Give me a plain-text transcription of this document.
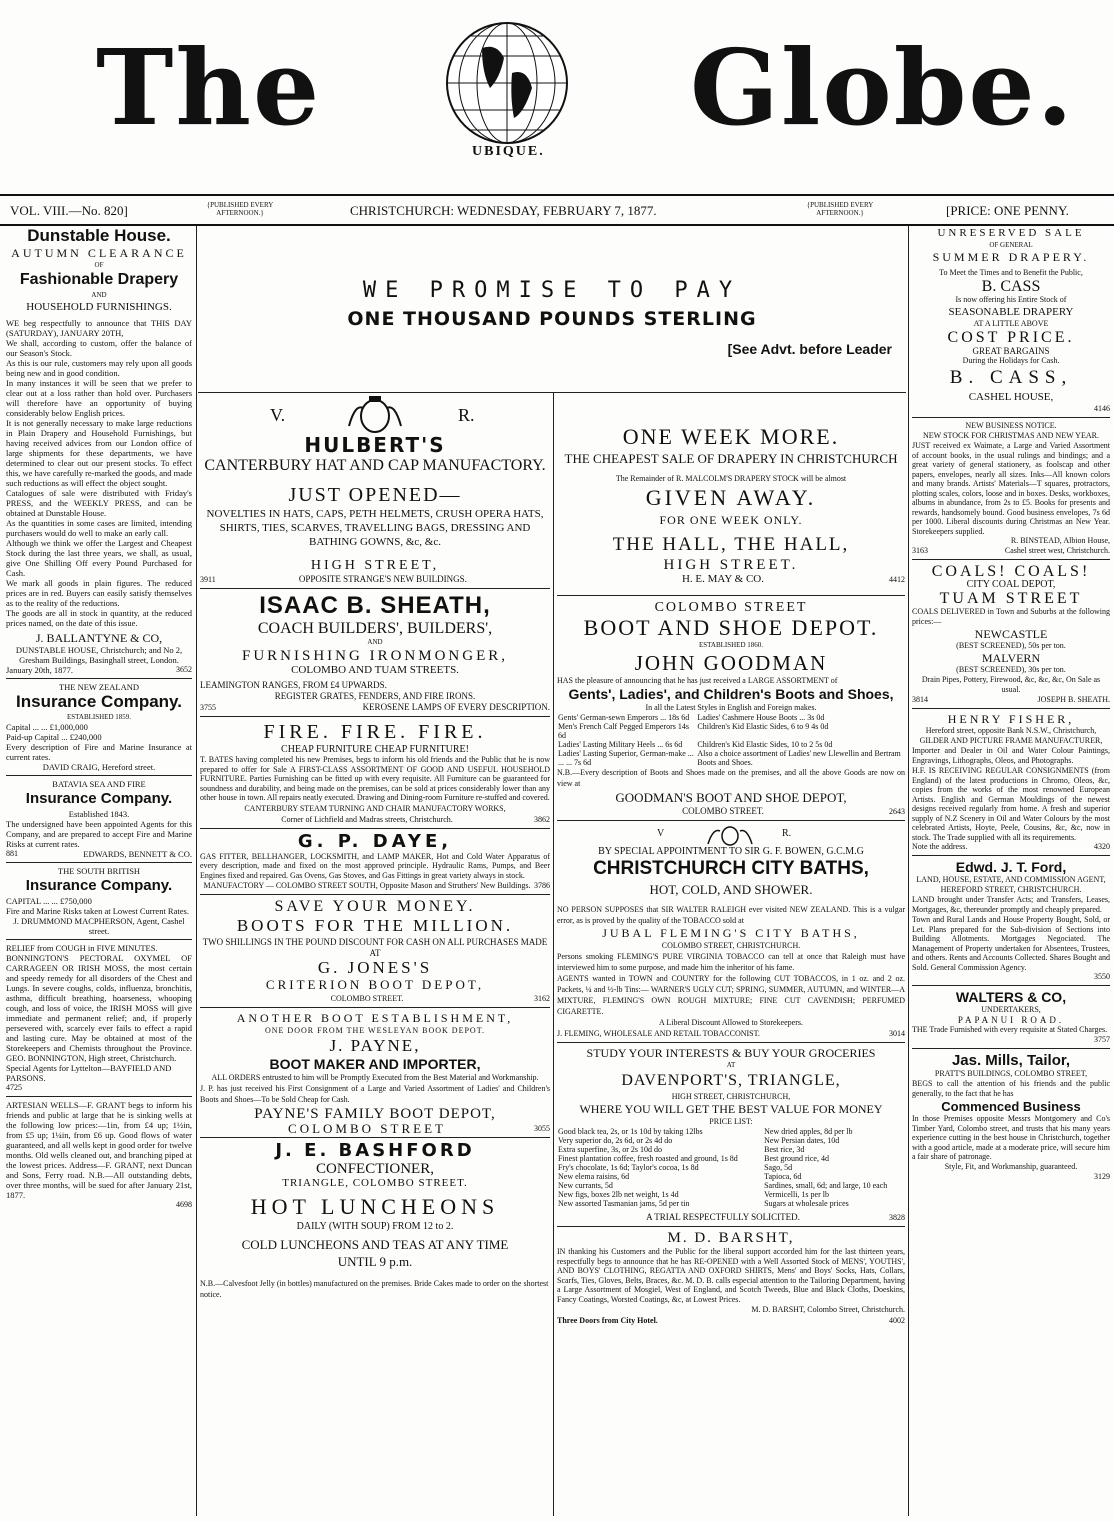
The
UBIQUE.
Globe.
VOL. VIII.—No. 820]	{PUBLISHED EVERY AFTERNOON.}	CHRISTCHURCH: WEDNESDAY, FEBRUARY 7, 1877.	{PUBLISHED EVERY AFTERNOON.}	[PRICE: ONE PENNY.
Dunstable House.
AUTUMN CLEARANCE
OF
Fashionable Drapery
AND
HOUSEHOLD FURNISHINGS.
WE beg respectfully to announce that THIS DAY (SATURDAY), JANUARY 20TH,
We shall, according to custom, offer the balance of our Season's Stock.
As this is our rule, customers may rely upon all goods being new and in good condition.
In many instances it will be seen that we prefer to clear out at a loss rather than hold over. Purchasers will therefore have an opportunity of buying considerably below English prices.
It is not generally necessary to make large reductions in Plain Drapery and Household Furnishings, but having received advices from our London office of large shipments for these departments, we have determined to clear out our present stocks. To effect this, we have carefully re-marked the goods, and made such reductions as will effect the object sought.
Catalogues of sale were distributed with Friday's PRESS, and the WEEKLY PRESS, and can be obtained at Dunstable House.
As the quantities in some cases are limited, intending purchasers would do well to make an early call.
Although we think we offer the Largest and Cheapest Stock during the last three years, we shall, as usual, give One Shilling Off every Pound Purchased for Cash.
We mark all goods in plain figures. The reduced prices are in red. Buyers can easily satisfy themselves as to the reality of the reductions.
The goods are all in stock in quantity, at the reduced prices named, on the date of this issue.
J. BALLANTYNE & CO,
DUNSTABLE HOUSE, Christchurch; and No 2, Gresham Buildings, Basinghall street, London.
January 20th, 1877.	3652
THE NEW ZEALAND
Insurance Company.
ESTABLISHED 1859.
Capital ... ... £1,000,000
Paid-up Capital ... £240,000
Every description of Fire and Marine Insurance at current rates.
DAVID CRAIG, Hereford street.
BATAVIA SEA AND FIRE
Insurance Company.
Established 1843.
The undersigned have been appointed Agents for this Company, and are prepared to accept Fire and Marine Risks at current rates.
881	EDWARDS, BENNETT & CO.
THE SOUTH BRITISH
Insurance Company.
CAPITAL ... ... £750,000
Fire and Marine Risks taken at Lowest Current Rates.
J. DRUMMOND MACPHERSON, Agent, Cashel street.
RELIEF from COUGH in FIVE MINUTES.
BONNINGTON'S PECTORAL OXYMEL OF CARRAGEEN OR IRISH MOSS, the most certain and speedy remedy for all disorders of the Chest and Lungs. In severe coughs, colds, influenza, bronchitis, asthma, difficult breathing, hoarseness, whooping cough, and loss of voice, the IRISH MOSS will give immediate and permanent relief; and, if properly persevered with, scarcely ever fails to effect a rapid and lasting cure. May be obtained at most of the Storekeepers and Chemists throughout the Province. GEO. BONNINGTON, High street, Christchurch.
Special Agents for Lyttelton—BAYFIELD AND PARSONS.
4725
ARTESIAN WELLS—F. GRANT begs to inform his friends and public at large that he is sinking wells at the following low prices:—1in, from £4 up; 1½in, from £5 up; 1¼in, from £6 up. Good flows of water guaranteed, and all wells kept in good order for twelve months. Old wells cleaned out, and branching piped at the lowest prices. Address—F. GRANT, next Duncan and Sons, Ferry road. N.B.—All outstanding debts, over three months, will be sued for after January 21st, 1877.
4698
WE PROMISE TO PAY
ONE THOUSAND POUNDS STERLING
[See Advt. before Leader
V.	R.
HULBERT'S
CANTERBURY HAT AND CAP MANUFACTORY.
JUST OPENED—
NOVELTIES IN HATS, CAPS, PETH HELMETS, CRUSH OPERA HATS, SHIRTS, TIES, SCARVES, TRAVELLING BAGS, DRESSING AND BATHING GOWNS, &c, &c.
HIGH STREET,
3911	OPPOSITE STRANGE'S NEW BUILDINGS.
ISAAC B. SHEATH,
COACH BUILDERS', BUILDERS',
AND
FURNISHING IRONMONGER,
COLOMBO AND TUAM STREETS.
LEAMINGTON RANGES, FROM £4 UPWARDS.
REGISTER GRATES, FENDERS, AND FIRE IRONS.
3755	KEROSENE LAMPS OF EVERY DESCRIPTION.
FIRE. FIRE. FIRE.
CHEAP FURNITURE CHEAP FURNITURE!
T. BATES having completed his new Premises, begs to inform his old friends and the Public that he is now prepared to offer for Sale A FIRST-CLASS ASSORTMENT OF GOOD AND USEFUL HOUSEHOLD FURNITURE. Parties Furnishing can be fitted up with every requisite. All Furniture can be guaranteed for soundness and durability, and being made on the premises, can be sold at prices considerably lower than any other house in town. All repairs neatly executed. Drawing and Dining-room Furniture re-stuffed and covered.
CANTERBURY STEAM TURNING AND CHAIR MANUFACTORY WORKS,
Corner of Lichfield and Madras streets, Christchurch.	3862
G. P. DAYE,
GAS FITTER, BELLHANGER, LOCKSMITH, and LAMP MAKER, Hot and Cold Water Apparatus of every description, made and fixed on the most approved principle. Hydraulic Rams, Pumps, and Beer Engines fixed and repaired. Gas Ovens, Gas Stoves, and Gas Fittings in great variety always in stock.
MANUFACTORY — COLOMBO STREET SOUTH, Opposite Mason and Struthers' New Buildings. 3786
SAVE YOUR MONEY.
BOOTS FOR THE MILLION.
TWO SHILLINGS IN THE POUND DISCOUNT FOR CASH ON ALL PURCHASES MADE AT
G. JONES'S
CRITERION BOOT DEPOT,
COLOMBO STREET.	3162
ANOTHER BOOT ESTABLISHMENT,
ONE DOOR FROM THE WESLEYAN BOOK DEPOT.
J. PAYNE,
BOOT MAKER AND IMPORTER,
ALL ORDERS entrusted to him will be Promptly Executed from the Best Material and Workmanship.
J. P. has just received his First Consignment of a Large and Varied Assortment of Ladies' and Children's Boots and Shoes—To be Sold Cheap for Cash.
PAYNE'S FAMILY BOOT DEPOT,
COLOMBO STREET	3055
J. E. BASHFORD
CONFECTIONER,
TRIANGLE, COLOMBO STREET.
HOT LUNCHEONS
DAILY (WITH SOUP) FROM 12 to 2.
COLD LUNCHEONS AND TEAS AT ANY TIME
UNTIL 9 p.m.
N.B.—Calvesfoot Jelly (in bottles) manufactured on the premises. Bride Cakes made to order on the shortest notice.
ONE WEEK MORE.
THE CHEAPEST SALE OF DRAPERY IN CHRISTCHURCH
The Remainder of R. MALCOLM'S DRAPERY STOCK will be almost
GIVEN AWAY.
FOR ONE WEEK ONLY.
THE HALL, THE HALL,
HIGH STREET.
H. E. MAY & CO.	4412
COLOMBO STREET
BOOT AND SHOE DEPOT.
ESTABLISHED 1860.
JOHN GOODMAN
HAS the pleasure of announcing that he has just received a LARGE ASSORTMENT of
Gents', Ladies', and Children's Boots and Shoes,
In all the Latest Styles in English and Foreign makes.
Gents' German-sewn Emperors ... 18s 6d	Ladies' Cashmere House Boots ... 3s 0d
Men's French Calf Pegged Emperors 14s 6d	Children's Kid Elastic Sides, 6 to 9 4s 0d
Ladies' Lasting Military Heels ... 6s 6d	Children's Kid Elastic Sides, 10 to 2 5s 0d
Ladies' Lasting Superior, German-make ... ... ... 7s 6d	Also a choice assortment of Ladies' new Llewellin and Bertram Boots and Shoes.
N.B.—Every description of Boots and Shoes made on the premises, and all the above Goods are now on view at
GOODMAN'S BOOT AND SHOE DEPOT,
COLOMBO STREET.	2643
V	R.
BY SPECIAL APPOINTMENT TO SIR G. F. BOWEN, G.C.M.G
CHRISTCHURCH CITY BATHS,
HOT, COLD, AND SHOWER.
NO PERSON SUPPOSES that SIR WALTER RALEIGH ever visited NEW ZEALAND. This is a vulgar error, as is proved by the quality of the TOBACCO sold at
JUBAL FLEMING'S CITY BATHS,
COLOMBO STREET, CHRISTCHURCH.
Persons smoking FLEMING'S PURE VIRGINIA TOBACCO can tell at once that Raleigh must have interviewed him to some purpose, and made him the inheritor of his fame.
AGENTS wanted in TOWN and COUNTRY for the following CUT TOBACCOS, in 1 oz. and 2 oz. Packets, ¼ and ½-lb Tins:— WARNER'S UGLY CUT; SPRING, SUMMER, AUTUMN, and WINTER—A MIXTURE, FLEMING'S OWN ROUGH MIXTURE; FINE CUT CAVENDISH; PERFUMED CIGARETTE.
A Liberal Discount Allowed to Storekeepers.
J. FLEMING, WHOLESALE AND RETAIL TOBACCONIST.	3014
STUDY YOUR INTERESTS & BUY YOUR GROCERIES
AT
DAVENPORT'S, TRIANGLE,
HIGH STREET, CHRISTCHURCH,
WHERE YOU WILL GET THE BEST VALUE FOR MONEY
PRICE LIST:
Good black tea, 2s, or 1s 10d by taking 12lbs	New dried apples, 8d per lb
Very superior do, 2s 6d, or 2s 4d do	New Persian dates, 10d
Extra superfine, 3s, or 2s 10d do	Best rice, 3d
Finest plantation coffee, fresh roasted and ground, 1s 8d	Best ground rice, 4d
Fry's chocolate, 1s 6d; Taylor's cocoa, 1s 8d	Sago, 5d
New elema raisins, 6d	Tapioca, 6d
New currants, 5d	Sardines, small, 6d; and large, 10 each
New figs, boxes 2lb net weight, 1s 4d	Vermicelli, 1s per lb
New assorted Tasmanian jams, 5d per tin	Sugars at wholesale prices
A TRIAL RESPECTFULLY SOLICITED.	3828
M. D. BARSHT,
IN thanking his Customers and the Public for the liberal support accorded him for the last thirteen years, respectfully begs to announce that he has RE-OPENED with a Well Assorted Stock of MENS', YOUTHS', AND BOYS' CLOTHING, REGATTA AND OXFORD SHIRTS, Mens' and Boys' Socks, Hats, Collars, Scarfs, Ties, Gloves, Belts, Braces, &c. M. D. B. calls especial attention to the Tailoring Department, having a Large Assortment of Mosgiel, West of England, and Scotch Tweeds, Blue and Black Cloths, Doeskins, Fancy Coatings, Worsted Coatings, &c, at Lowest Prices.
M. D. BARSHT, Colombo Street, Christchurch.
Three Doors from City Hotel.	4002
UNRESERVED SALE
OF GENERAL
SUMMER DRAPERY.
To Meet the Times and to Benefit the Public,
B. CASS
Is now offering his Entire Stock of
SEASONABLE DRAPERY
AT A LITTLE ABOVE
COST PRICE.
GREAT BARGAINS
During the Holidays for Cash.
B. CASS,
CASHEL HOUSE,
4146
NEW BUSINESS NOTICE.
NEW STOCK FOR CHRISTMAS AND NEW YEAR.
JUST received ex Waimate, a Large and Varied Assortment of account books, in the usual rulings and bindings; and a great variety of general stationery, as foolscap and other papers, envelopes, nearly all sizes. Inks—All known colors and many brands. Artists' Materials—T squares, protractors, plotting scales, colors, loose and in boxes. Desks, workboxes, albums in abundance, from 2s to £5. Books for presents and rewards, handsomely bound. Good business envelopes, 7s 6d per 1000. Liberal discounts during Christmas an New Year. Storekeepers supplied.
R. BINSTEAD, Albion House,
3163	Cashel street west, Christchurch.
COALS! COALS!
CITY COAL DEPOT,
TUAM STREET
COALS DELIVERED in Town and Suburbs at the following prices:—
NEWCASTLE
(BEST SCREENED), 50s per ton.
MALVERN
(BEST SCREENED), 30s per ton.
Drain Pipes, Pottery, Firewood, &c, &c, &c, On Sale as usual.
3814	JOSEPH B. SHEATH.
HENRY FISHER,
Hereford street, opposite Bank N.S.W., Christchurch,
GILDER AND PICTURE FRAME MANUFACTURER,
Importer and Dealer in Oil and Water Colour Paintings, Engravings, Lithographs, Oleos, and Photographs.
H.F. IS RECEIVING REGULAR CONSIGNMENTS (from England) of the latest productions in Chromo, Oleos, &c, copies from the works of the most renowned European Artists. English and German Mouldings of the newest designs received regularly from home. A fresh and superior supply of N.Z Scenery in Oil and Water Colours by the most celebrated Artists, Hoyte, Peele, Cousins, &c, &c, now in stock. The Trade supplied with all its requirements.
Note the address.	4320
Edwd. J. T. Ford,
LAND, HOUSE, ESTATE, AND COMMISSION AGENT,
HEREFORD STREET, CHRISTCHURCH.
LAND brought under Transfer Acts; and Transfers, Leases, Mortgages, &c, thereunder promptly and cheaply prepared.
Town and Rural Lands and House Property Bought, Sold, or Let. Plans prepared for the Sub-division of Sections into Building Allotments. Mortgages Negociated. The Management of Property undertaken for Absentees, Trustees, and others. Rents and Accounts Collected. Shares Bought and Sold. General Commission Agency.
3550
WALTERS & CO,
UNDERTAKERS,
PAPANUI ROAD.
THE Trade Furnished with every requisite at Stated Charges.
3757
Jas. Mills, Tailor,
PRATT'S BUILDINGS, COLOMBO STREET,
BEGS to call the attention of his friends and the public generally, to the fact that he has
Commenced Business
In those Premises opposite Messrs Montgomery and Co's Timber Yard, Colombo street, and trusts that his many years experience cutting in the best house in Christchurch, together with a good article, made at a moderate price, will secure him a fair share of patronage.
Style, Fit, and Workmanship, guaranteed.
3129
